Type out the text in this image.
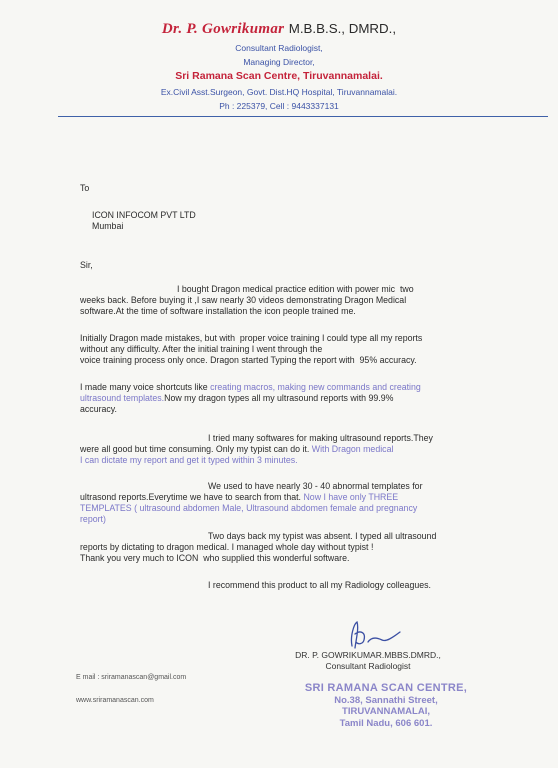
Dr. P. Gowrikumar M.B.B.S., DMRD.,
Consultant Radiologist,
Managing Director,
Sri Ramana Scan Centre, Tiruvannamalai.
Ex.Civil Asst.Surgeon, Govt. Dist.HQ Hospital, Tiruvannamalai.
Ph : 225379, Cell : 9443337131
To
ICON INFOCOM PVT LTD
Mumbai
Sir,
I bought Dragon medical practice edition with power mic  two
weeks back. Before buying it ,I saw nearly 30 videos demonstrating Dragon Medical
software.At the time of software installation the icon people trained me.
Initially Dragon made mistakes, but with  proper voice training I could type all my reports
without any difficulty. After the initial training I went through the
voice training process only once. Dragon started Typing the report with  95% accuracy.
I made many voice shortcuts like creating macros, making new commands and creating
ultrasound templates.Now my dragon types all my ultrasound reports with 99.9%
accuracy.
I tried many softwares for making ultrasound reports.They
were all good but time consuming. Only my typist can do it. With Dragon medical
I can dictate my report and get it typed within 3 minutes.
We used to have nearly 30 - 40 abnormal templates for
ultrasond reports.Everytime we have to search from that. Now I have only THREE
TEMPLATES ( ultrasound abdomen Male, Ultrasound abdomen female and pregnancy
report)
Two days back my typist was absent. I typed all ultrasound
reports by dictating to dragon medical. I managed whole day without typist !
Thank you very much to ICON  who supplied this wonderful software.
I recommend this product to all my Radiology colleagues.
DR. P. GOWRIKUMAR.MBBS.DMRD.,
Consultant Radiologist
E mail : sriramanascan@gmail.com
www.sriramanascan.com
SRI RAMANA SCAN CENTRE,
No.38, Sannathi Street,
TIRUVANNAMALAI,
Tamil Nadu, 606 601.
